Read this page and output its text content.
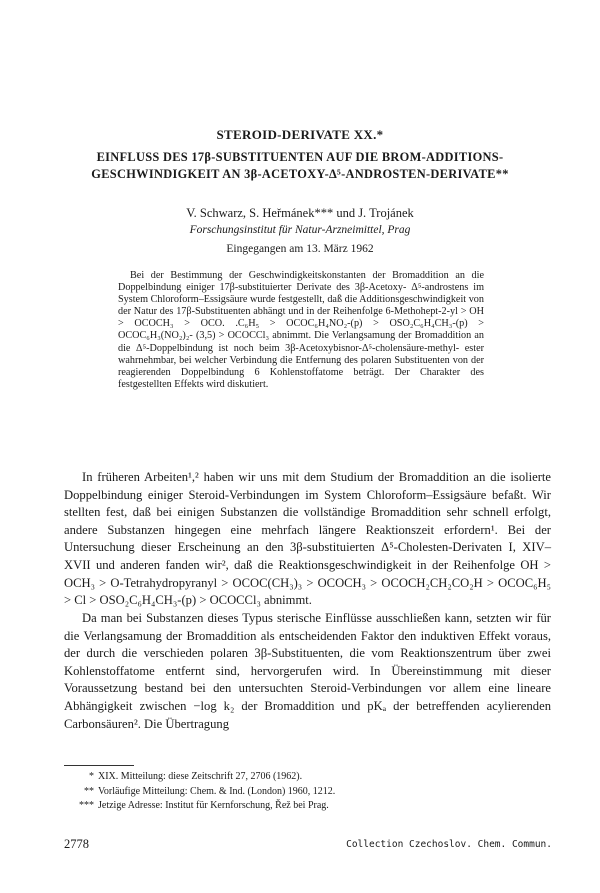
STEROID-DERIVATE XX.*
EINFLUSS DES 17β-SUBSTITUENTEN AUF DIE BROM-ADDITIONS-
GESCHWINDIGKEIT AN 3β-ACETOXY-Δ⁵-ANDROSTEN-DERIVATE**
V. Schwarz, S. Heřmánek*** und J. Trojánek
Forschungsinstitut für Natur-Arzneimittel, Prag
Eingegangen am 13. März 1962

Bei der Bestimmung der Geschwindigkeitskonstanten der Bromaddition an die Doppelbindung einiger 17β-substituierter Derivate des 3β-Acetoxy- Δ⁵-androstens im System Chloroform–Essigsäure wurde festgestellt, daß die Additionsgeschwindigkeit von der Natur des 17β-Substituenten abhängt und in der Reihenfolge 6-Methohept-2-yl > OH > OCOCH₃ > OCO. .C₆H₅ > OCOC₆H₄NO₂-(p) > OSO₂C₆H₄CH₃-(p) > OCOC₆H₃(NO₂)₂- (3,5) > OCOCCl₃ abnimmt. Die Verlangsamung der Bromaddition an die Δ⁵-Doppelbindung ist noch beim 3β-Acetoxybisnor-Δ⁵-cholensäure-methyl- ester wahrnehmbar, bei welcher Verbindung die Entfernung des polaren Substituenten von der reagierenden Doppelbindung 6 Kohlenstoffatome beträgt. Der Charakter des festgestellten Effekts wird diskutiert.

In früheren Arbeiten¹,² haben wir uns mit dem Studium der Bromaddition an die isolierte Doppelbindung einiger Steroid-Verbindungen im System Chloroform–Essigsäure befaßt. Wir stellten fest, daß bei einigen Substanzen die vollständige Bromaddition sehr schnell erfolgt, andere Substanzen hingegen eine mehrfach längere Reaktionszeit erfordern¹. Bei der Untersuchung dieser Erscheinung an den 3β-substituierten Δ⁵-Cholesten-Derivaten I, XIV–XVII und anderen fanden wir², daß die Reaktionsgeschwindigkeit in der Reihenfolge OH > OCH₃ > O-Tetrahydropyranyl > OCOC(CH₃)₃ > OCOCH₃ > OCOCH₂CH₂CO₂H > OCOC₆H₅ > Cl > OSO₂C₆H₄CH₃-(p) > OCOCCl₃ abnimmt.

Da man bei Substanzen dieses Typus sterische Einflüsse ausschließen kann, setzten wir für die Verlangsamung der Bromaddition als entscheidenden Faktor den induktiven Effekt voraus, der durch die verschieden polaren 3β-Substituenten, die vom Reaktionszentrum über zwei Kohlenstoffatome entfernt sind, hervorgerufen wird. In Übereinstimmung mit dieser Voraussetzung bestand bei den untersuchten Steroid-Verbindungen vor allem eine lineare Abhängigkeit zwischen −log k₂ der Bromaddition und pKₐ der betreffenden acylierenden Carbonsäuren². Die Übertragung

* XIX. Mitteilung: diese Zeitschrift 27, 2706 (1962).
** Vorläufige Mitteilung: Chem. & Ind. (London) 1960, 1212.
*** Jetzige Adresse: Institut für Kernforschung, Řež bei Prag.
2778	Collection Czechoslov. Chem. Commun.
